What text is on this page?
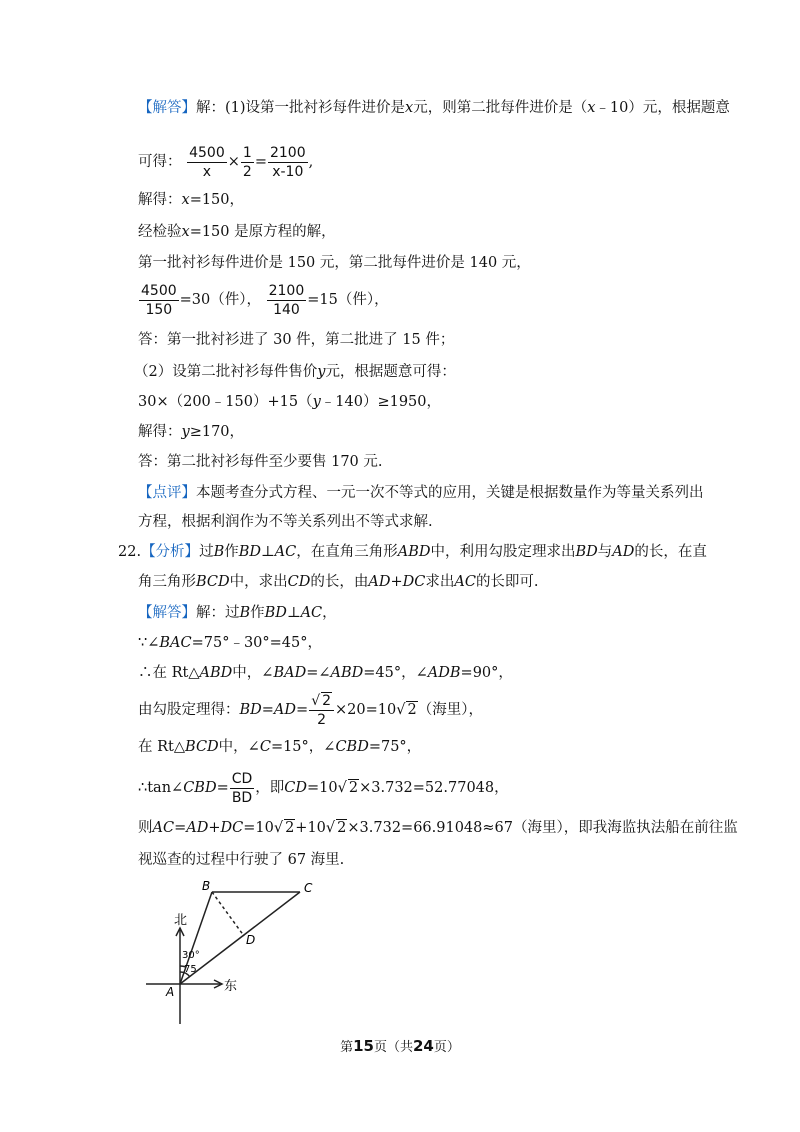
【解答】解：(1)设第一批衬衫每件进价是x元，则第二批每件进价是（x﹣10）元，根据题意
可得： $\frac{4500}{x} \times \frac{1}{2} = \frac{2100}{x-10}$ ,
解得：x=150，
经检验x=150 是原方程的解，
第一批衬衫每件进价是 150 元，第二批每件进价是 140 元，
$\frac{4500}{150} =30$（件）， $\frac{2100}{140} =15$（件），
答：第一批衬衫进了 30 件，第二批进了 15 件；
（2）设第二批衬衫每件售价y元，根据题意可得：
30×（200﹣150）+15（y﹣140）≥1950，
解得：y≥170，
答：第二批衬衫每件至少要售 170 元.
【点评】本题考查分式方程、一元一次不等式的应用，关键是根据数量作为等量关系列出
方程，根据利润作为不等关系列出不等式求解.
22.【分析】过B作BD⊥AC，在直角三角形ABD中，利用勾股定理求出BD与AD的长，在直
角三角形BCD中，求出CD的长，由AD+DC求出AC的长即可.
【解答】解：过B作BD⊥AC，
∵∠BAC=75°﹣30°=45°，
∴在 Rt△ABD中，∠BAD=∠ABD=45°，∠ADB=90°，
由勾股定理得：$BD=AD= \frac{√ 2}{2} \times 20=10√$ 2（海里），
在 Rt△BCD中，∠C=15°，∠CBD=75°，
∴tan∠CBD= $\frac{CD}{BD}$ ，即CD=10√ 2×3.732=52.77048，
则AC=AD+DC=10√ 2+10√ 2×3.732=66.91048≈67（海里），即我海监执法船在前往监
视巡查的过程中行驶了 67 海里.
B	C
D
A
北
东
30°
75
第15页（共24页）
